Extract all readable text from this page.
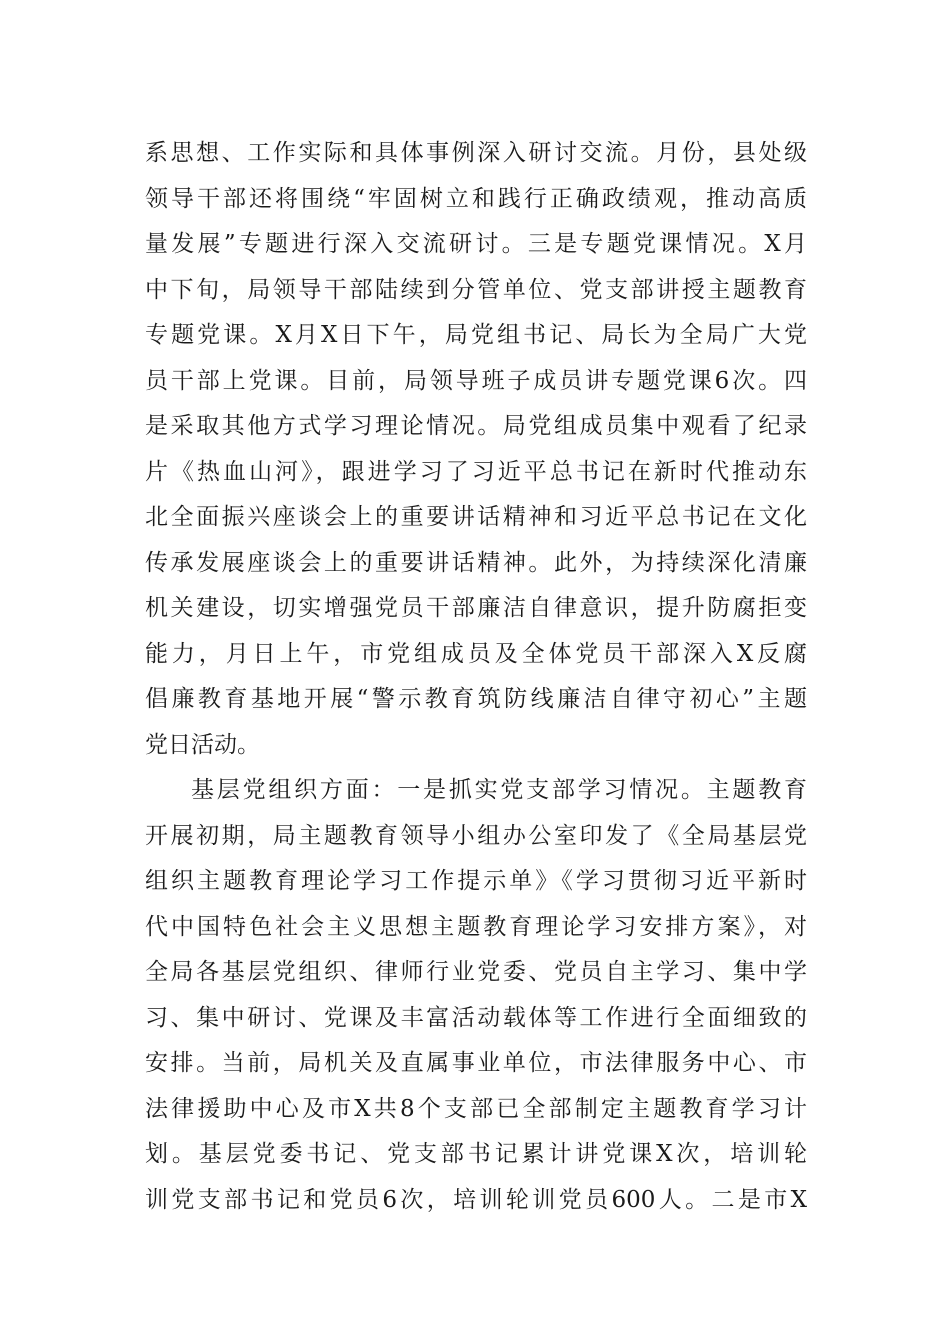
系思想、工作实际和具体事例深入研讨交流。月份，县处级
领导干部还将围绕“牢固树立和践行正确政绩观，推动高质
量发展”专题进行深入交流研讨。三是专题党课情况。X月
中下旬，局领导干部陆续到分管单位、党支部讲授主题教育
专题党课。X月X日下午，局党组书记、局长为全局广大党
员干部上党课。目前，局领导班子成员讲专题党课6次。四
是采取其他方式学习理论情况。局党组成员集中观看了纪录
片《热血山河》，跟进学习了习近平总书记在新时代推动东
北全面振兴座谈会上的重要讲话精神和习近平总书记在文化
传承发展座谈会上的重要讲话精神。此外，为持续深化清廉
机关建设，切实增强党员干部廉洁自律意识，提升防腐拒变
能力，月日上午，市党组成员及全体党员干部深入X反腐
倡廉教育基地开展“警示教育筑防线廉洁自律守初心”主题
党日活动。
基层党组织方面：一是抓实党支部学习情况。主题教育
开展初期，局主题教育领导小组办公室印发了《全局基层党
组织主题教育理论学习工作提示单》《学习贯彻习近平新时
代中国特色社会主义思想主题教育理论学习安排方案》，对
全局各基层党组织、律师行业党委、党员自主学习、集中学
习、集中研讨、党课及丰富活动载体等工作进行全面细致的
安排。当前，局机关及直属事业单位，市法律服务中心、市
法律援助中心及市X共8个支部已全部制定主题教育学习计
划。基层党委书记、党支部书记累计讲党课X次，培训轮
训党支部书记和党员6次，培训轮训党员600人。二是市X
